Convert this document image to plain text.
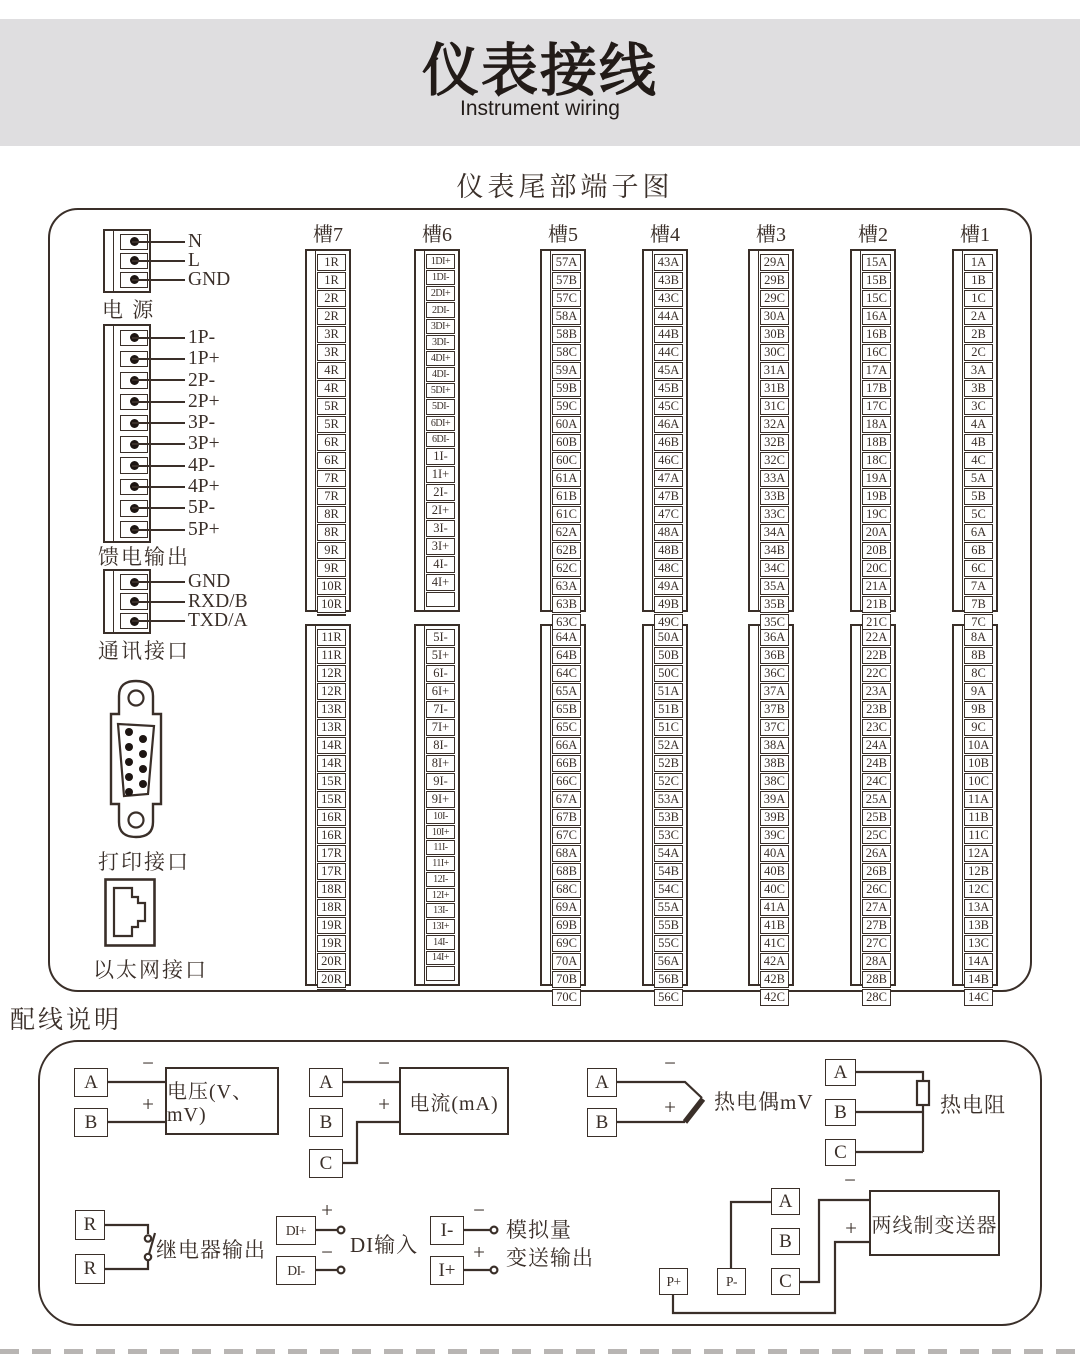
仪表接线
Instrument wiring
仪表尾部端子图
N
L
GND
1P-
1P+
2P-
2P+
3P-
3P+
4P-
4P+
5P-
5P+
GND
RXD/B
TXD/A
电 源
馈电输出
通讯接口
打印接口
以太网接口
槽7
1R
1R
2R
2R
3R
3R
4R
4R
5R
5R
6R
6R
7R
7R
8R
8R
9R
9R
10R
10R
11R
11R
12R
12R
13R
13R
14R
14R
15R
15R
16R
16R
17R
17R
18R
18R
19R
19R
20R
20R
槽6
1DI+
1DI-
2DI+
2DI-
3DI+
3DI-
4DI+
4DI-
5DI+
5DI-
6DI+
6DI-
1I-
1I+
2I-
2I+
3I-
3I+
4I-
4I+
5I-
5I+
6I-
6I+
7I-
7I+
8I-
8I+
9I-
9I+
10I-
10I+
11I-
11I+
12I-
12I+
13I-
13I+
14I-
14I+
槽5
57A
57B
57C
58A
58B
58C
59A
59B
59C
60A
60B
60C
61A
61B
61C
62A
62B
62C
63A
63B
63C
64A
64B
64C
65A
65B
65C
66A
66B
66C
67A
67B
67C
68A
68B
68C
69A
69B
69C
70A
70B
70C
槽4
43A
43B
43C
44A
44B
44C
45A
45B
45C
46A
46B
46C
47A
47B
47C
48A
48B
48C
49A
49B
49C
50A
50B
50C
51A
51B
51C
52A
52B
52C
53A
53B
53C
54A
54B
54C
55A
55B
55C
56A
56B
56C
槽3
29A
29B
29C
30A
30B
30C
31A
31B
31C
32A
32B
32C
33A
33B
33C
34A
34B
34C
35A
35B
35C
36A
36B
36C
37A
37B
37C
38A
38B
38C
39A
39B
39C
40A
40B
40C
41A
41B
41C
42A
42B
42C
槽2
15A
15B
15C
16A
16B
16C
17A
17B
17C
18A
18B
18C
19A
19B
19C
20A
20B
20C
21A
21B
21C
22A
22B
22C
23A
23B
23C
24A
24B
24C
25A
25B
25C
26A
26B
26C
27A
27B
27C
28A
28B
28C
槽1
1A
1B
1C
2A
2B
2C
3A
3B
3C
4A
4B
4C
5A
5B
5C
6A
6B
6C
7A
7B
7C
8A
8B
8C
9A
9B
9C
10A
10B
10C
11A
11B
11C
12A
12B
12C
13A
13B
13C
14A
14B
14C
配线说明
A
B
−
+ 电压(V、mV)
A
B
C
−
+ 电流(mA)
A
B
−
+	热电偶mV
A
B
C
热电阻
R
R
继电器输出
DI+
DI-
+
− DI输入
I-
I+
−
+
模拟量
变送输出
A
B
C
P+	P-
−
+ 两线制变送器
